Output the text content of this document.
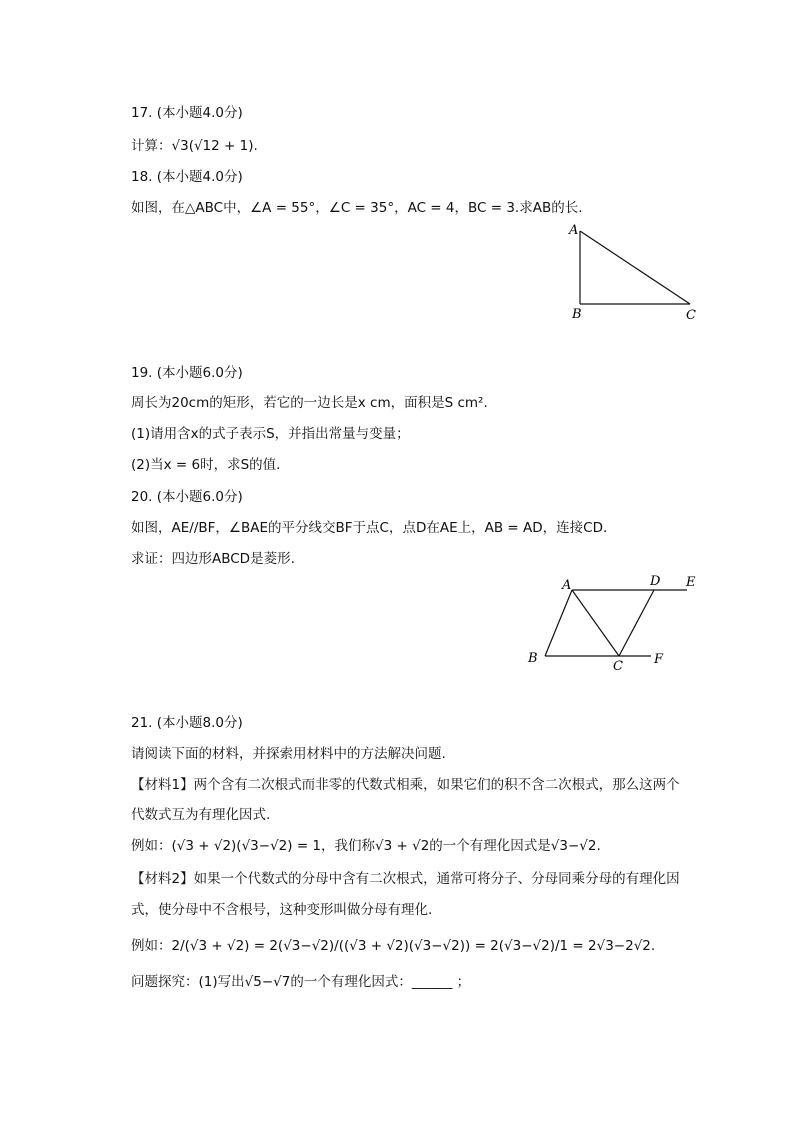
17. (本小题4.0分)
计算：√3(√12 + 1).
18. (本小题4.0分)
如图，在△ABC中，∠A = 55°，∠C = 35°，AC = 4，BC = 3.求AB的长.
A
B	C
19. (本小题6.0分)
周长为20cm的矩形，若它的一边长是x cm，面积是S cm².
(1)请用含x的式子表示S，并指出常量与变量；
(2)当x = 6时，求S的值.
20. (本小题6.0分)
如图，AE//BF，∠BAE的平分线交BF于点C，点D在AE上，AB = AD，连接CD.
求证：四边形ABCD是菱形.
A	D E
B
C F
21. (本小题8.0分)
请阅读下面的材料，并探索用材料中的方法解决问题.
【材料1】两个含有二次根式而非零的代数式相乘，如果它们的积不含二次根式，那么这两个
代数式互为有理化因式.
例如：(√3 + √2)(√3−√2) = 1，我们称√3 + √2的一个有理化因式是√3−√2.
【材料2】如果一个代数式的分母中含有二次根式，通常可将分子、分母同乘分母的有理化因
式，使分母中不含根号，这种变形叫做分母有理化.
例如：2/(√3 + √2) = 2(√3−√2)/((√3 + √2)(√3−√2)) = 2(√3−√2)/1 = 2√3−2√2.
问题探究：(1)写出√5−√7的一个有理化因式：______ ；
